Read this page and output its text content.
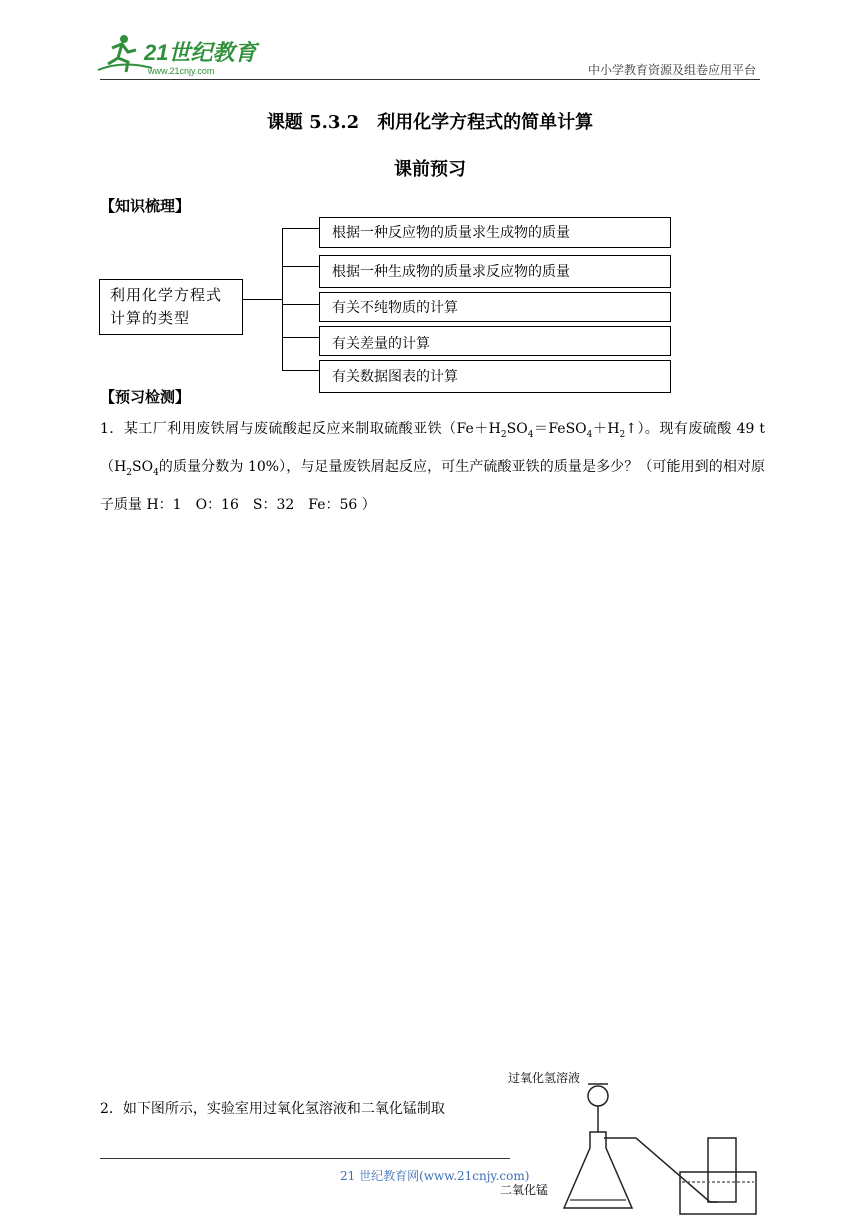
21世纪教育
www.21cnjy.com	中小学教育资源及组卷应用平台
课题 5.3.2　利用化学方程式的简单计算
课前预习
【知识梳理】
利用化学方程式
计算的类型
根据一种反应物的质量求生成物的质量
根据一种生成物的质量求反应物的质量
有关不纯物质的计算
有关差量的计算
有关数据图表的计算
【预习检测】
1．某工厂利用废铁屑与废硫酸起反应来制取硫酸亚铁$(Fe+H_2SO_4=FeSO_4+H_2↑)$。现有废硫酸 49 $t(H_2SO_4$的质量分数为 10%），与足量废铁屑起反应，可生产硫酸亚铁的质量是多少？（可能用到的相对原子质量 H：1　O：16　S：32　Fe：56 ）
2．如下图所示，实验室用过氧化氢溶液和二氧化锰制取
过氧化氢溶液
二氧化锰
21 世纪教育网(www.21cnjy.com)
